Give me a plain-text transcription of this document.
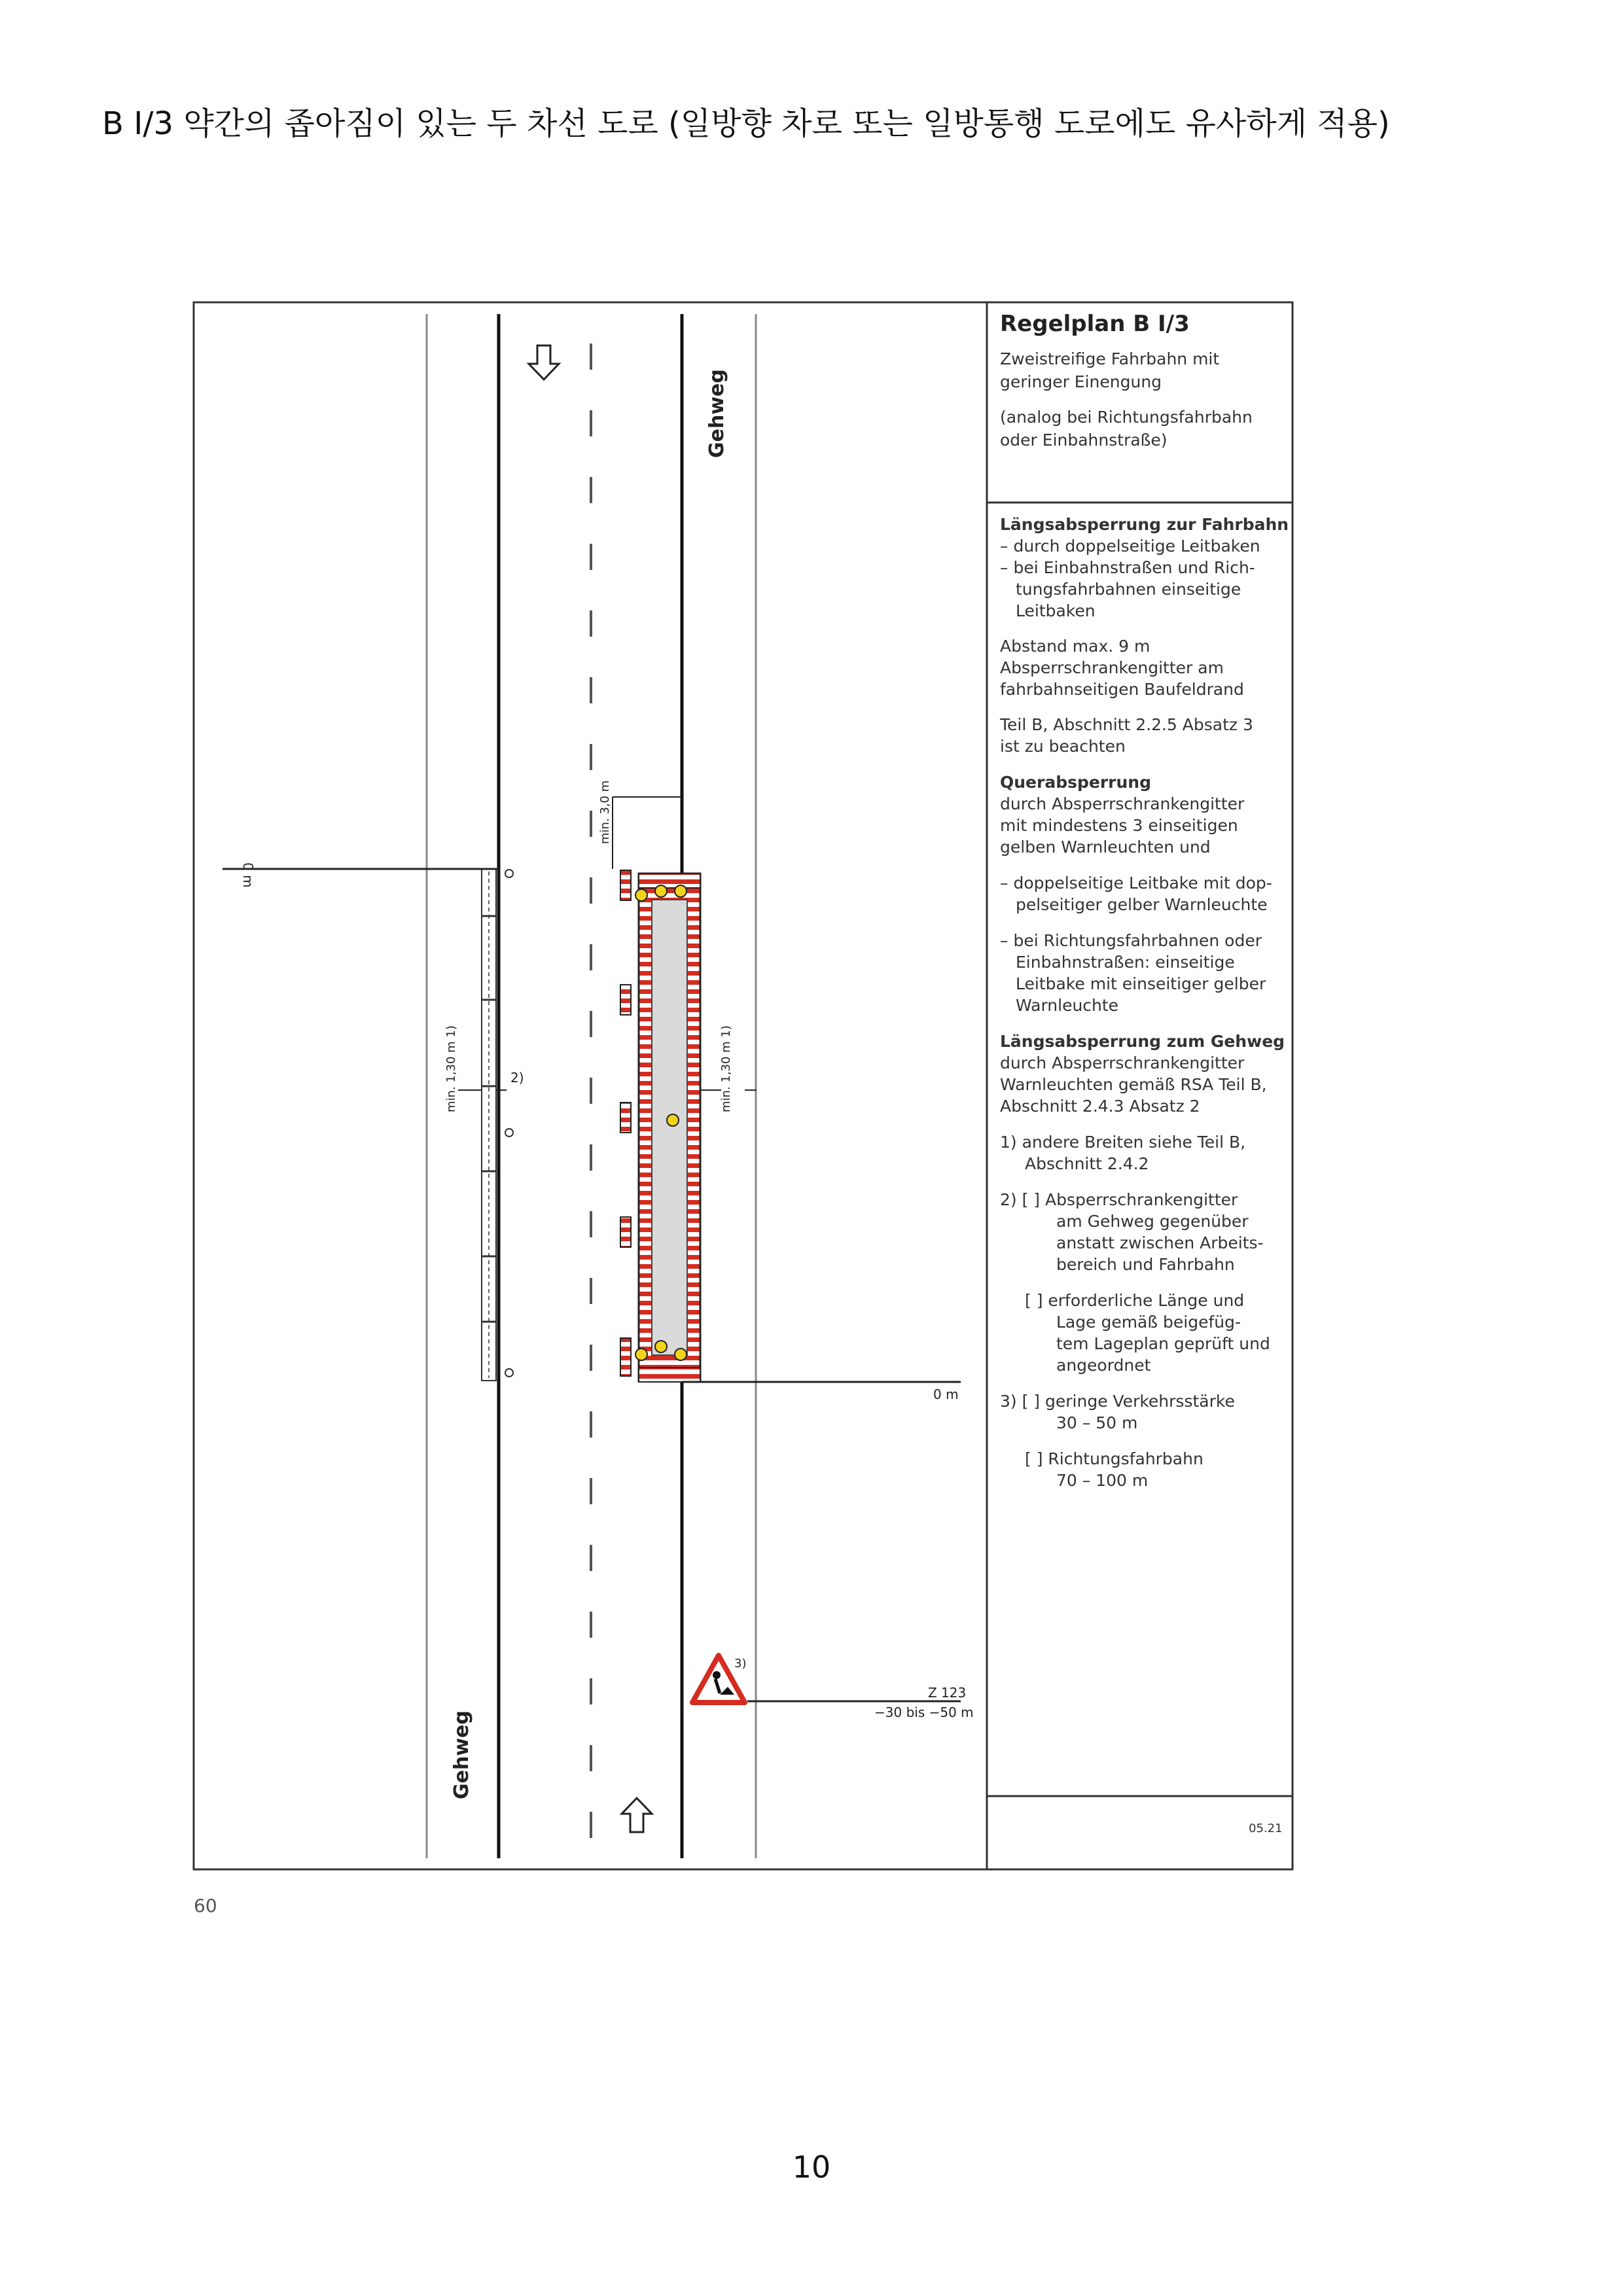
B I/3 약간의 좁아짐이 있는 두 차선 도로 (일방향 차로 또는 일방통행 도로에도 유사하게 적용)
Gehweg
Gehweg
0 m
0 m
min. 3,0 m
min. 1,30 m 1)	2)	min. 1,30 m 1)
3)
Z 123
−30 bis −50 m
Regelplan B I/3
Zweistreifige Fahrbahn mit
geringer Einengung
(analog bei Richtungsfahrbahn
oder Einbahnstraße)
Längsabsperrung zur Fahrbahn
– durch doppelseitige Leitbaken
– bei Einbahnstraßen und Rich-
tungsfahrbahnen einseitige
Leitbaken
Abstand max. 9 m
Absperrschrankengitter am
fahrbahnseitigen Baufeldrand
Teil B, Abschnitt 2.2.5 Absatz 3
ist zu beachten
Querabsperrung
durch Absperrschrankengitter
mit mindestens 3 einseitigen
gelben Warnleuchten und
– doppelseitige Leitbake mit dop-
pelseitiger gelber Warnleuchte
– bei Richtungsfahrbahnen oder
Einbahnstraßen: einseitige
Leitbake mit einseitiger gelber
Warnleuchte
Längsabsperrung zum Gehweg
durch Absperrschrankengitter
Warnleuchten gemäß RSA Teil B,
Abschnitt 2.4.3 Absatz 2
1) andere Breiten siehe Teil B,
Abschnitt 2.4.2
2) [ ] Absperrschrankengitter
am Gehweg gegenüber
anstatt zwischen Arbeits-
bereich und Fahrbahn
[ ] erforderliche Länge und
Lage gemäß beigefüg-
tem Lageplan geprüft und
angeordnet
3) [ ] geringe Verkehrsstärke
30 – 50 m
[ ] Richtungsfahrbahn
70 – 100 m
05.21
60
10
